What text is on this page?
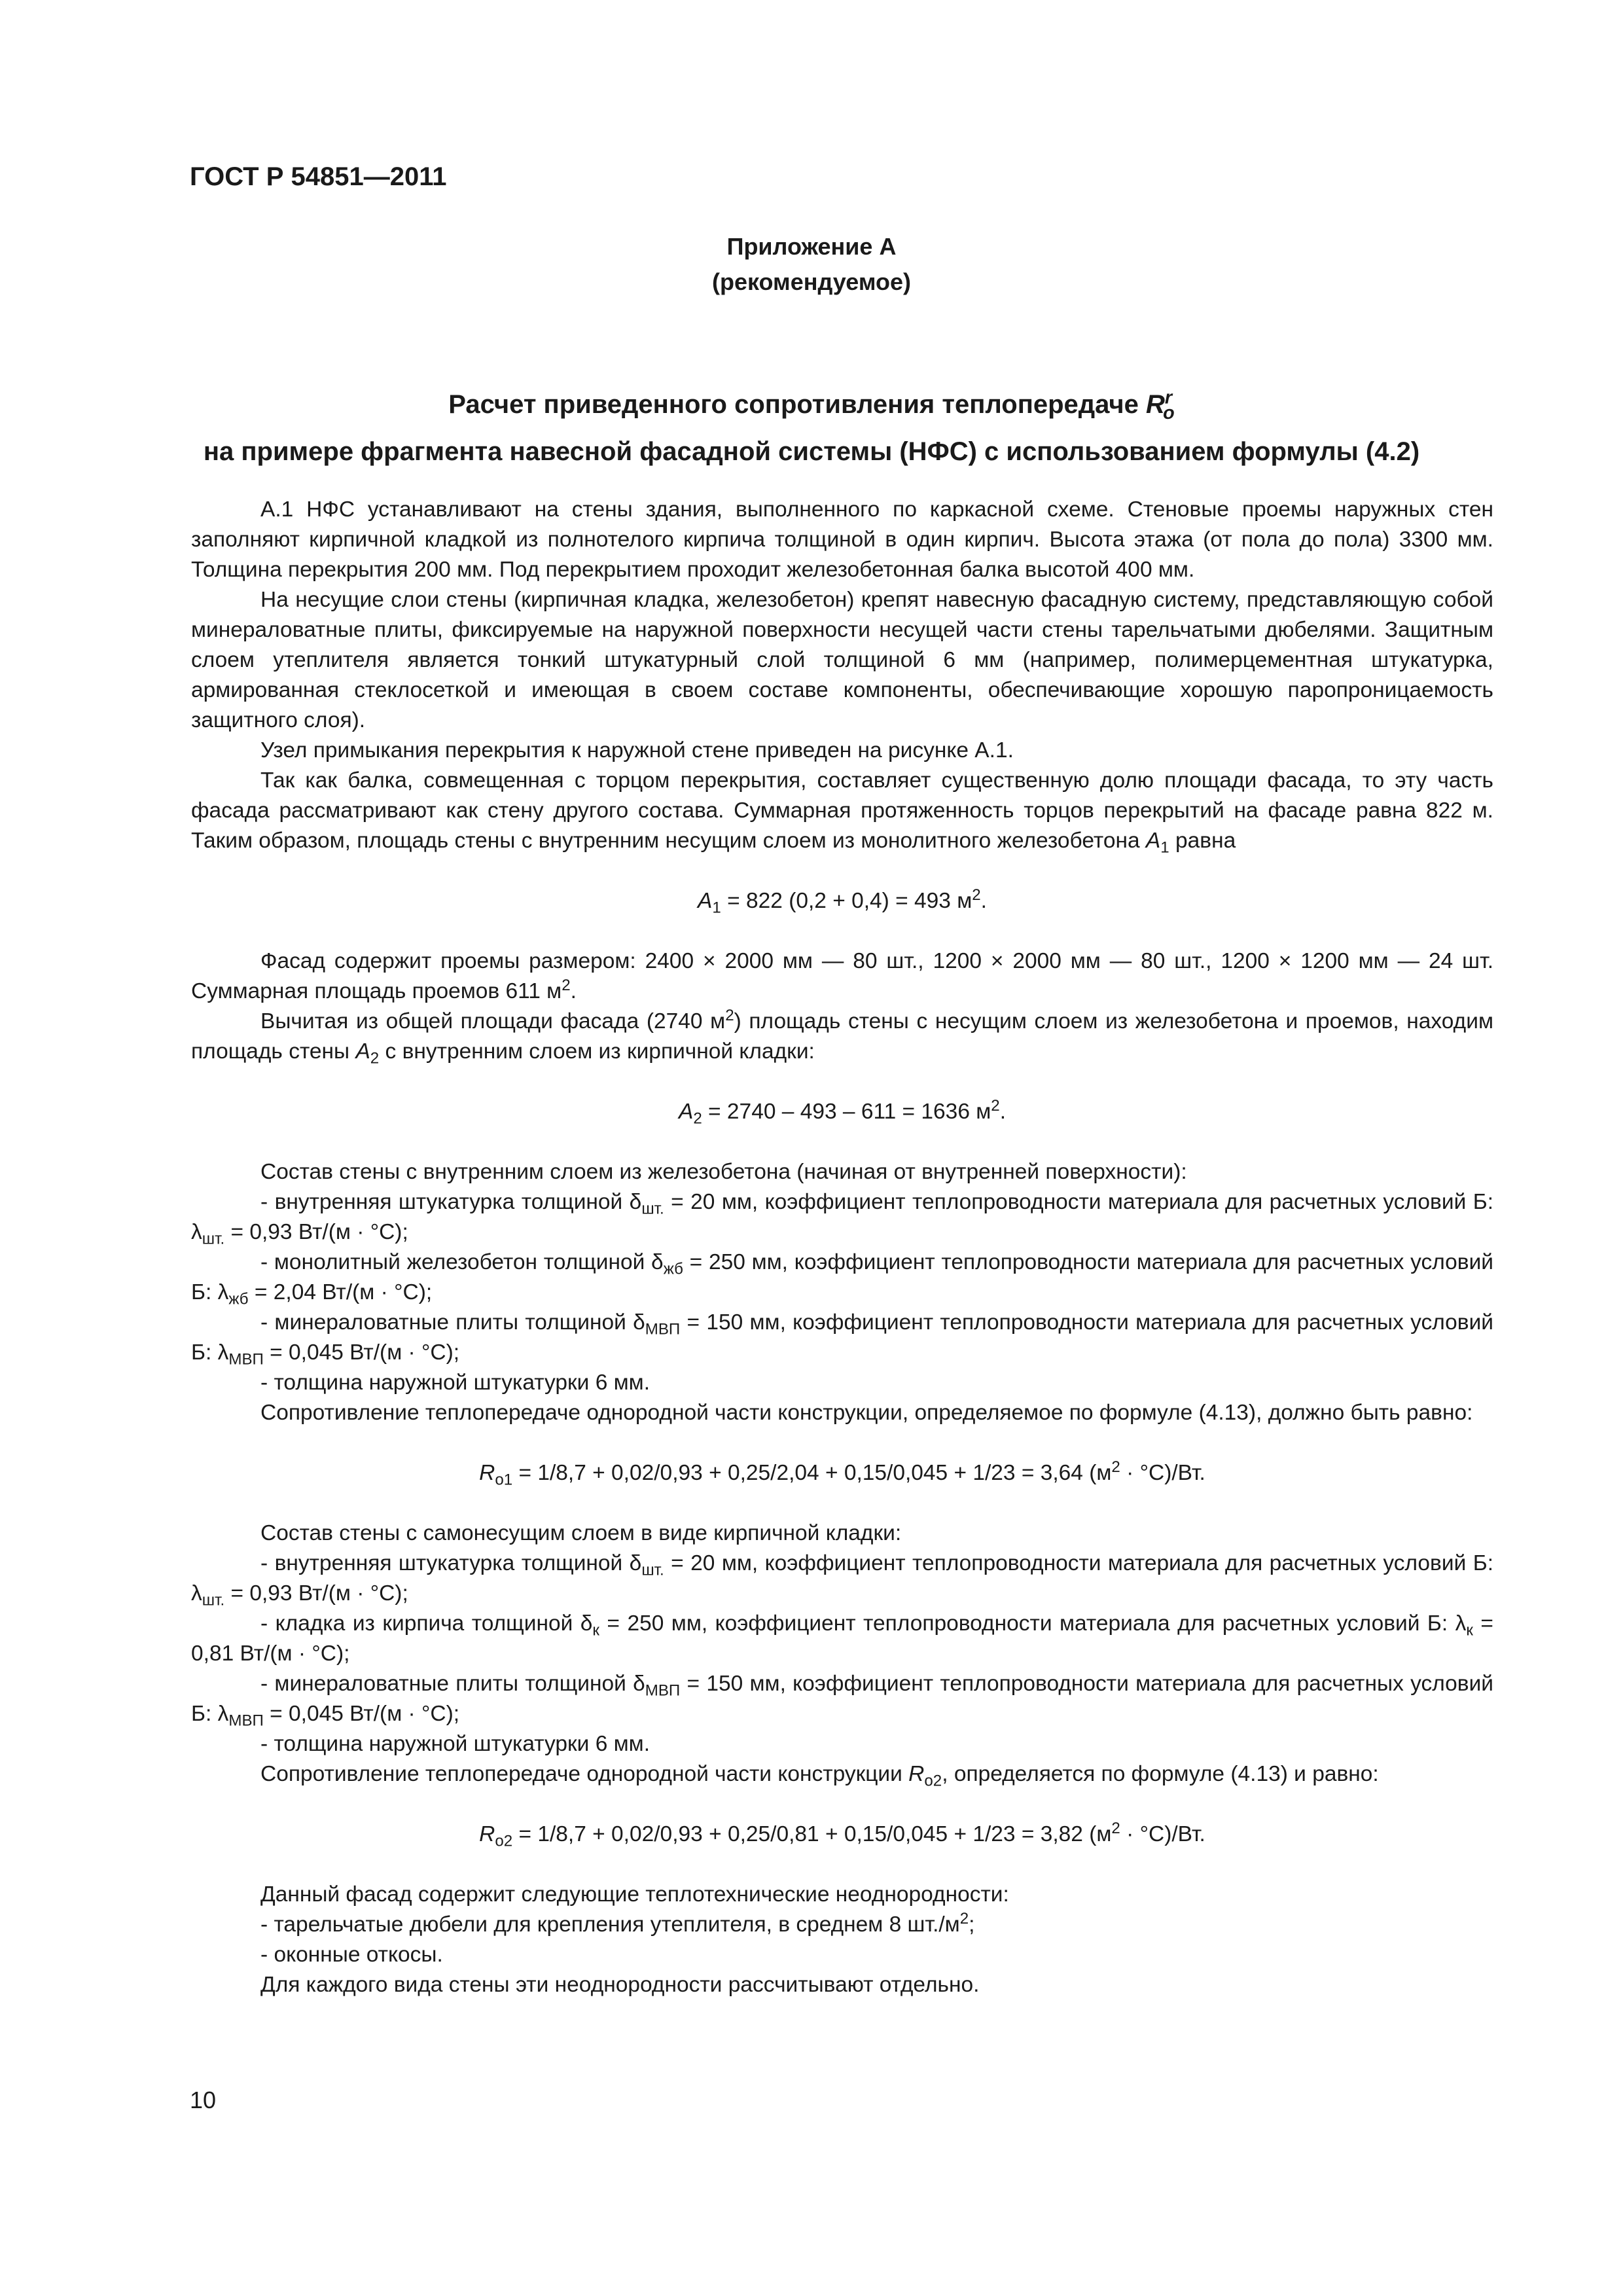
ГОСТ Р 54851—2011
Приложение А
(рекомендуемое)
Расчет приведенного сопротивления теплопередаче $R^r_о$
на примере фрагмента навесной фасадной системы (НФС) с использованием формулы (4.2)

А.1 НФС устанавливают на стены здания, выполненного по каркасной схеме. Стеновые проемы наружных стен заполняют кирпичной кладкой из полнотелого кирпича толщиной в один кирпич. Высота этажа (от пола до пола) 3300 мм. Толщина перекрытия 200 мм. Под перекрытием проходит железобетонная балка высотой 400 мм.

На несущие слои стены (кирпичная кладка, железобетон) крепят навесную фасадную систему, представляющую собой минераловатные плиты, фиксируемые на наружной поверхности несущей части стены тарельчатыми дюбелями. Защитным слоем утеплителя является тонкий штукатурный слой толщиной 6 мм (например, полимерцементная штукатурка, армированная стеклосеткой и имеющая в своем составе компоненты, обеспечивающие хорошую паропроницаемость защитного слоя).

Узел примыкания перекрытия к наружной стене приведен на рисунке А.1.

Так как балка, совмещенная с торцом перекрытия, составляет существенную долю площади фасада, то эту часть фасада рассматривают как стену другого состава. Суммарная протяженность торцов перекрытий на фасаде равна 822 м. Таким образом, площадь стены с внутренним несущим слоем из монолитного железобетона $A_1$ равна

$A_1 = 822$ (0,2 + 0,4) = 493 $м^2$.

Фасад содержит проемы размером: 2400 × 2000 мм — 80 шт., 1200 × 2000 мм — 80 шт., 1200 × 1200 мм — 24 шт. Суммарная площадь проемов 611 $м^2$.

Вычитая из общей площади фасада (2740 $м^2$) площадь стены с несущим слоем из железобетона и проемов, находим площадь стены $A_2$ с внутренним слоем из кирпичной кладки:

$A_2 = 2740 - 493 - 611 = 1636$ $м^2$.

Состав стены с внутренним слоем из железобетона (начиная от внутренней поверхности):

- внутренняя штукатурка толщиной $\delta_{шт.} = 20$ мм, коэффициент теплопроводности материала для расчетных условий Б: $\lambda_{шт.} = 0,93$ Вт/(м · °С);

- монолитный железобетон толщиной $\delta_{жб} = 250$ мм, коэффициент теплопроводности материала для расчетных условий Б: $\lambda_{жб} = 2,04$ Вт/(м · °С);

- минераловатные плиты толщиной $\delta_{МВП} = 150$ мм, коэффициент теплопроводности материала для расчетных условий Б: $\lambda_{МВП} = 0,045$ Вт/(м · °С);

- толщина наружной штукатурки 6 мм.

Сопротивление теплопередаче однородной части конструкции, определяемое по формуле (4.13), должно быть равно:

$R_{о1} = 1/8,7 + 0,02/0,93 + 0,25/2,04 + 0,15/0,045 + 1/23 = 3,64$ $(м^2 \cdot ^\circ С)/Вт$.

Состав стены с самонесущим слоем в виде кирпичной кладки:

- внутренняя штукатурка толщиной $\delta_{шт.} = 20$ мм, коэффициент теплопроводности материала для расчетных условий Б: $\lambda_{шт.} = 0,93$ Вт/(м · °С);

- кладка из кирпича толщиной $\delta_к = 250$ мм, коэффициент теплопроводности материала для расчетных условий Б: $\lambda_к = 0,81$ Вт/(м · °С);

- минераловатные плиты толщиной $\delta_{МВП} = 150$ мм, коэффициент теплопроводности материала для расчетных условий Б: $\lambda_{МВП} = 0,045$ Вт/(м · °С);

- толщина наружной штукатурки 6 мм.

Сопротивление теплопередаче однородной части конструкции $R_{о2}$, определяется по формуле (4.13) и равно:

$R_{о2} = 1/8,7 + 0,02/0,93 + 0,25/0,81 + 0,15/0,045 + 1/23 = 3,82$ $(м^2 \cdot ^\circ С)/Вт$.

Данный фасад содержит следующие теплотехнические неоднородности:

- тарельчатые дюбели для крепления утеплителя, в среднем 8 $шт./м^2$;

- оконные откосы.

Для каждого вида стены эти неоднородности рассчитывают отдельно.

10
